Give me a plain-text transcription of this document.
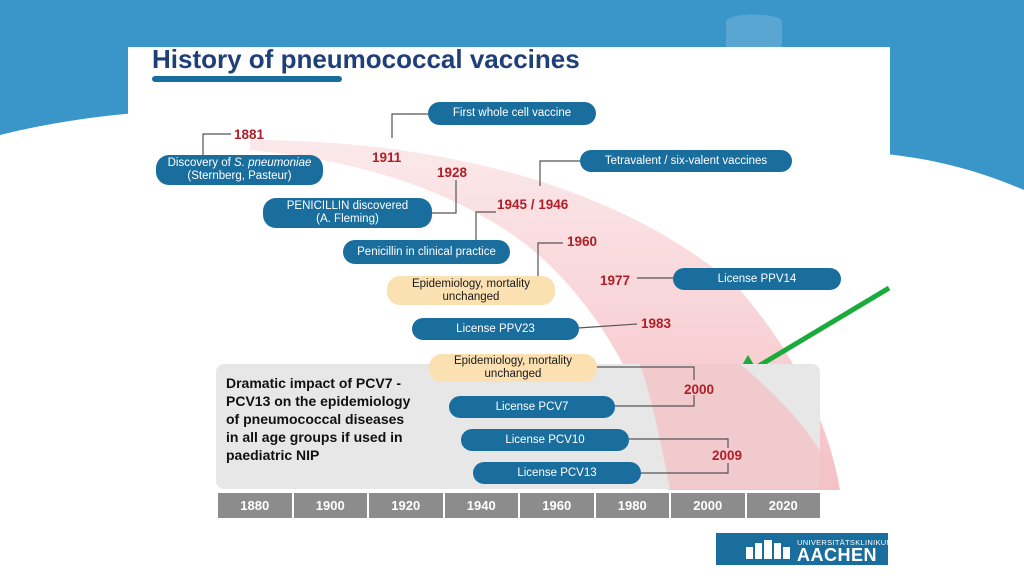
History of pneumococcal vaccines
Dramatic impact of PCV7 - PCV13 on the epidemiology of pneumococcal diseases in all age groups if used in paediatric NIP
Discovery of S. pneumoniae
(Sternberg, Pasteur)
First whole cell vaccine
PENICILLIN discovered
(A. Fleming)
Tetravalent / six-valent vaccines
Penicillin in clinical practice
Epidemiology, mortality
unchanged
License PPV14
License PPV23
Epidemiology, mortality
unchanged
License PCV7
License PCV10
License PCV13
1881
1911
1928
1945 / 1946
1960
1977
1983
2000
2009
1880	1900	1920	1940	1960	1980	2000	2020
UNIVERSITÄTSKLINIKUM
AACHEN
